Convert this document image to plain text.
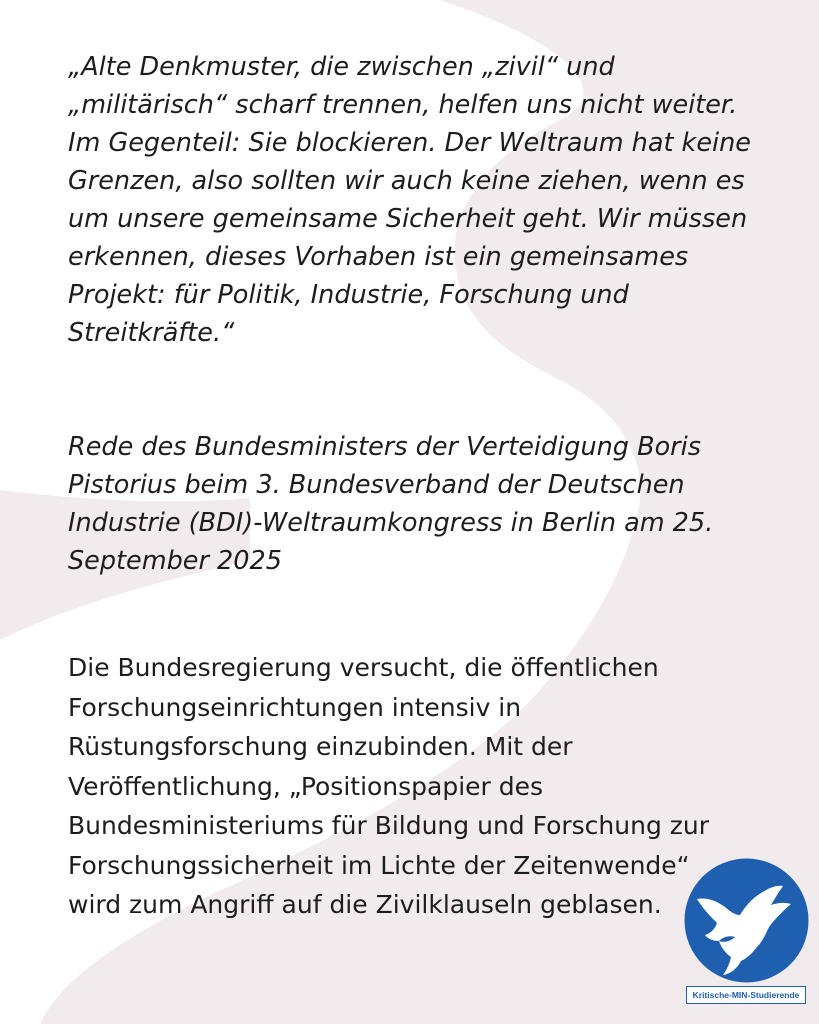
„Alte Denkmuster, die zwischen „zivil“ und „militärisch“ scharf trennen, helfen uns nicht weiter. Im Gegenteil: Sie blockieren. Der Weltraum hat keine Grenzen, also sollten wir auch keine ziehen, wenn es um unsere gemeinsame Sicherheit geht. Wir müssen erkennen, dieses Vorhaben ist ein gemeinsames Projekt: für Politik, Industrie, Forschung und Streitkräfte.“

Rede des Bundesministers der Verteidigung Boris Pistorius beim 3. Bundesverband der Deutschen Industrie (BDI)-Weltraumkongress in Berlin am 25. September 2025

Die Bundesregierung versucht, die öffentlichen Forschungseinrichtungen intensiv in Rüstungsforschung einzubinden. Mit der Veröffentlichung, „Positionspapier des Bundesministeriums für Bildung und Forschung zur Forschungssicherheit im Lichte der Zeitenwende“ wird zum Angriff auf die Zivilklauseln geblasen.

Kritische-MIN-Studierende
